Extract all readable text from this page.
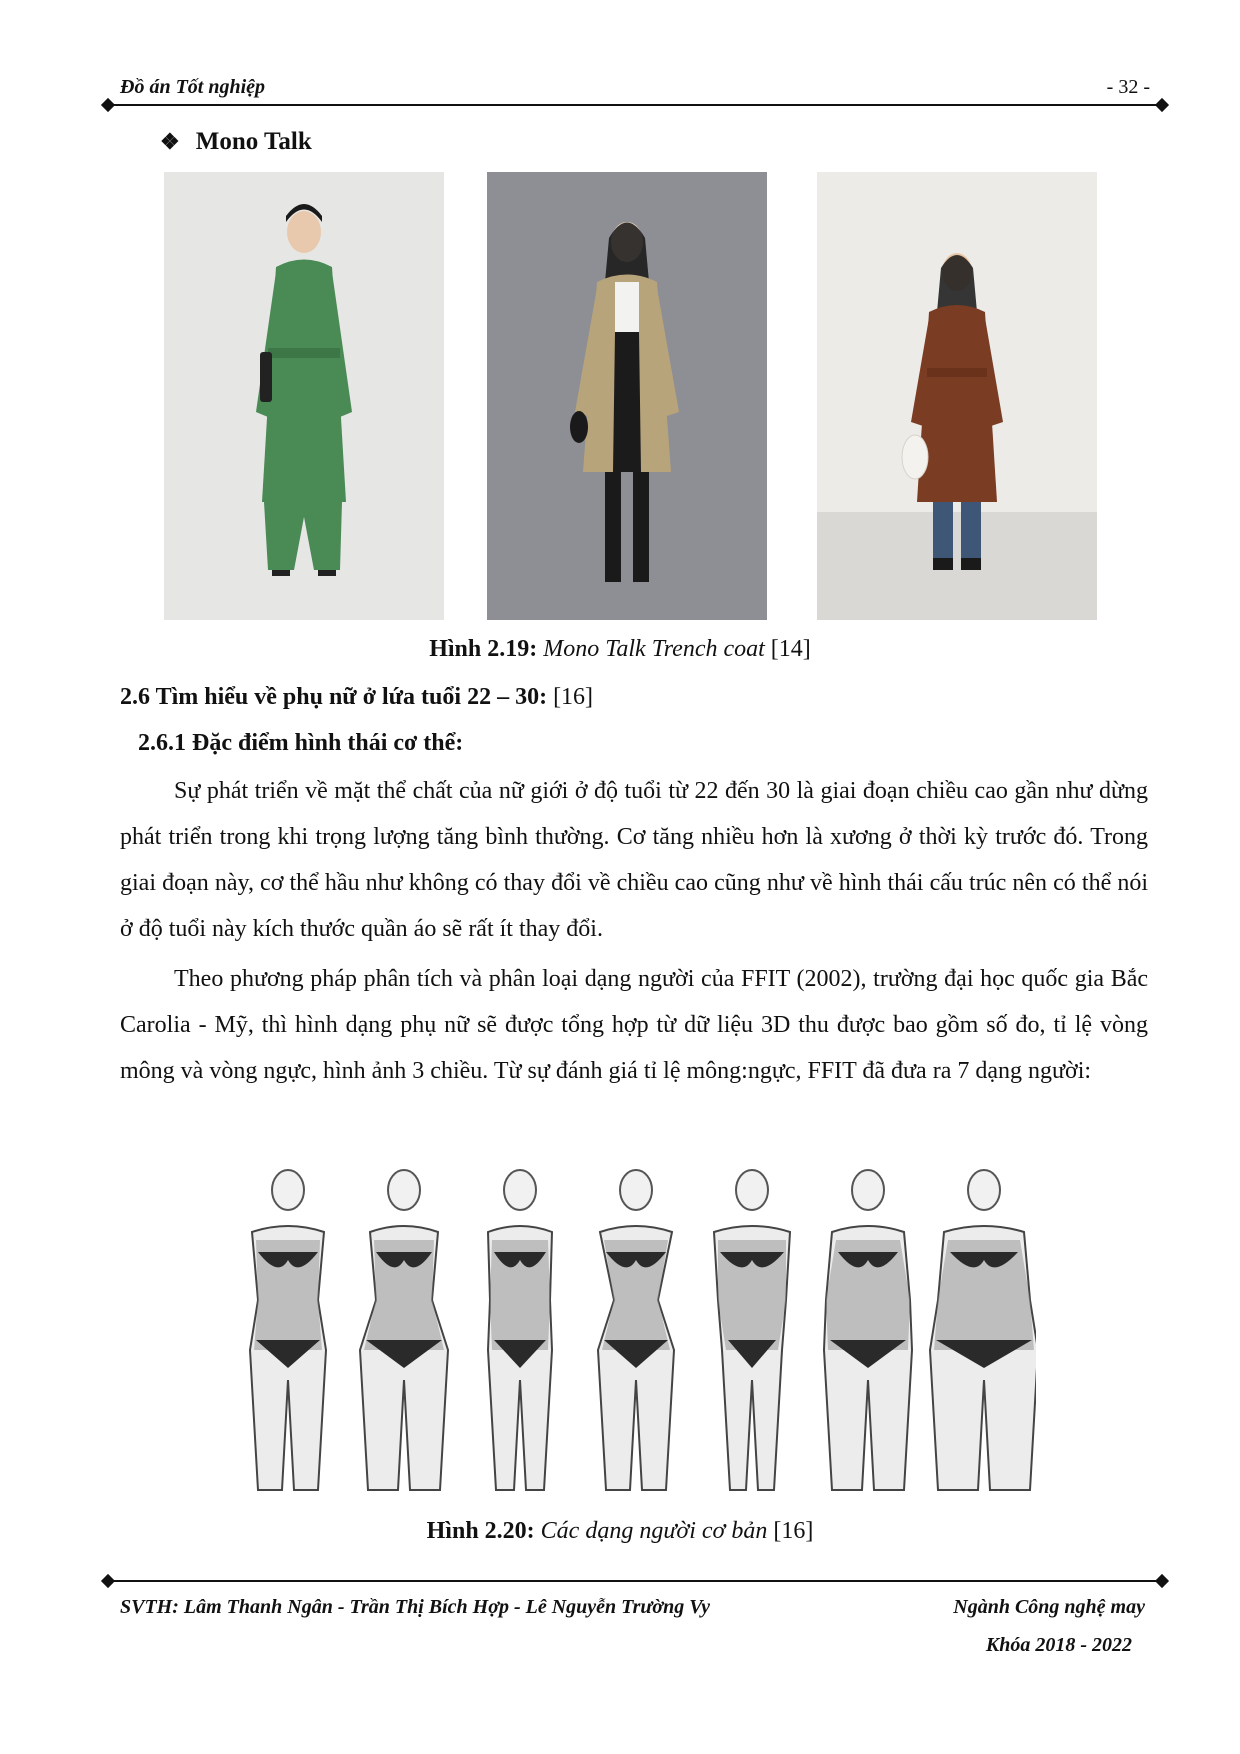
Đồ án Tốt nghiệp	- 32 -
❖ Mono Talk
Hình 2.19: Mono Talk Trench coat [14]
2.6 Tìm hiểu về phụ nữ ở lứa tuổi 22 – 30: [16]
2.6.1 Đặc điểm hình thái cơ thể:
Sự phát triển về mặt thể chất của nữ giới ở độ tuổi từ 22 đến 30 là giai đoạn chiều cao gần như dừng phát triển trong khi trọng lượng tăng bình thường. Cơ tăng nhiều hơn là xương ở thời kỳ trước đó. Trong giai đoạn này, cơ thể hầu như không có thay đổi về chiều cao cũng như về hình thái cấu trúc nên có thể nói ở độ tuổi này kích thước quần áo sẽ rất ít thay đổi.
Theo phương pháp phân tích và phân loại dạng người của FFIT (2002), trường đại học quốc gia Bắc Carolia - Mỹ, thì hình dạng phụ nữ sẽ được tổng hợp từ dữ liệu 3D thu được bao gồm số đo, tỉ lệ vòng mông và vòng ngực, hình ảnh 3 chiều. Từ sự đánh giá tỉ lệ mông:ngực, FFIT đã đưa ra 7 dạng người:
Hình 2.20: Các dạng người cơ bản [16]
SVTH: Lâm Thanh Ngân - Trần Thị Bích Hợp - Lê Nguyễn Trường Vy	Ngành Công nghệ may
Khóa 2018 - 2022
